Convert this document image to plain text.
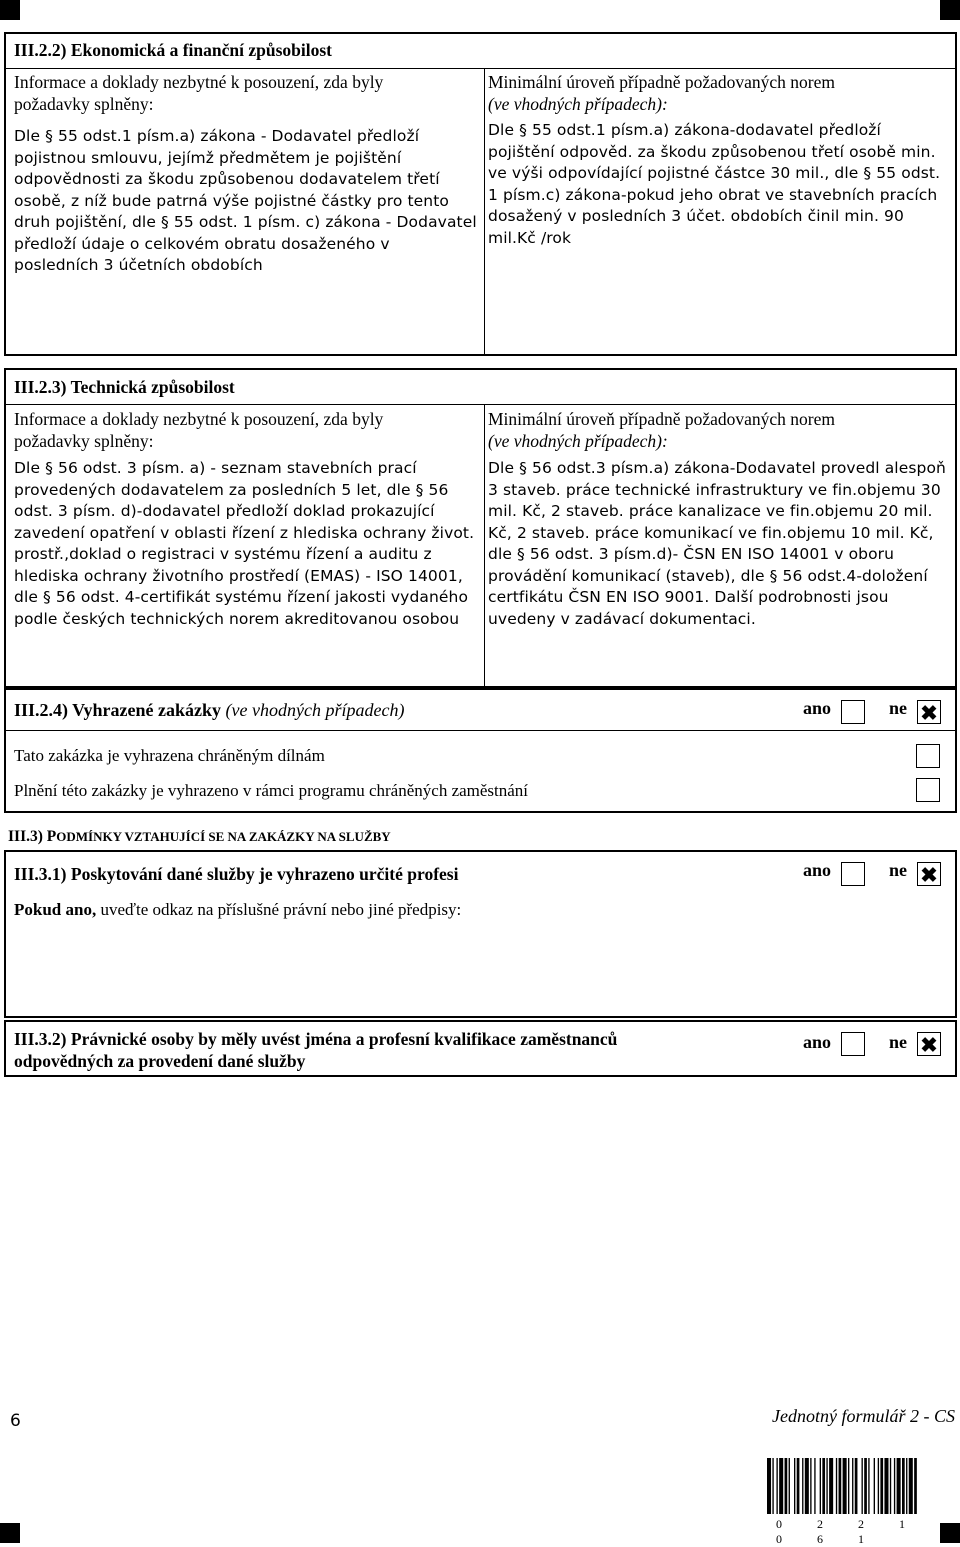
III.2.2) Ekonomická a finanční způsobilost
Informace a doklady nezbytné k posouzení, zda byly
požadavky splněny:
Dle § 55 odst.1 písm.a) zákona - Dodavatel předloží pojistnou smlouvu, jejímž předmětem je pojištění odpovědnosti za škodu způsobenou dodavatelem třetí osobě, z níž bude patrná výše pojistné částky pro tento druh pojištění, dle § 55 odst. 1 písm. c) zákona - Dodavatel předloží údaje o celkovém obratu dosaženého v posledních 3 účetních obdobích
Minimální úroveň případně požadovaných norem
(ve vhodných případech):
Dle § 55 odst.1 písm.a) zákona-dodavatel předloží pojištění odpověd. za škodu způsobenou třetí osobě min. ve výši odpovídající pojistné částce 30 mil., dle § 55 odst. 1 písm.c) zákona-pokud jeho obrat ve stavebních pracích dosažený v posledních 3 účet. obdobích činil min. 90 mil.Kč /rok
III.2.3) Technická způsobilost
Informace a doklady nezbytné k posouzení, zda byly
požadavky splněny:
Dle § 56 odst. 3 písm. a) - seznam stavebních prací provedených dodavatelem za posledních 5 let, dle § 56 odst. 3 písm. d)-dodavatel předloží doklad prokazující zavedení opatření v oblasti řízení z hlediska ochrany život. prostř.,doklad o registraci v systému řízení a auditu z hlediska ochrany životního prostředí (EMAS) - ISO 14001, dle § 56 odst. 4-certifikát systému řízení jakosti vydaného podle českých technických norem akreditovanou osobou
Minimální úroveň případně požadovaných norem
(ve vhodných případech):
Dle § 56 odst.3 písm.a) zákona-Dodavatel provedl alespoň 3 staveb. práce technické infrastruktury ve fin.objemu 30 mil. Kč, 2 staveb. práce kanalizace ve fin.objemu 20 mil. Kč, 2 staveb. práce komunikací ve fin.objemu 10 mil. Kč, dle § 56 odst. 3 písm.d)- ČSN EN ISO 14001 v oboru provádění komunikací (staveb), dle § 56 odst.4-doložení certfikátu ČSN EN ISO 9001. Další podrobnosti jsou uvedeny v zadávací dokumentaci.
III.2.4) Vyhrazené zakázky (ve vhodných případech)	ano	ne
Tato zakázka je vyhrazena chráněným dílnám
Plnění této zakázky je vyhrazeno v rámci programu chráněných zaměstnání
III.3) PODMÍNKY VZTAHUJÍCÍ SE NA ZAKÁZKY NA SLUŽBY
III.3.1) Poskytování dané služby je vyhrazeno určité profesi	ano	ne
Pokud ano, uveďte odkaz na příslušné právní nebo jiné předpisy:
III.3.2) Právnické osoby by měly uvést jména a profesní kvalifikace zaměstnanců
odpovědných za provedení dané služby
ano	ne
6	Jednotný formulář 2 - CS
0 2 2 1 0 6 1
